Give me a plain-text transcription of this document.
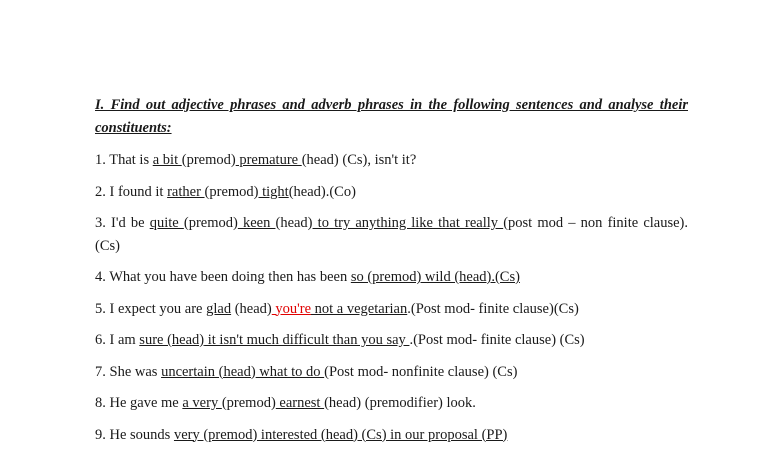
I. Find out adjective phrases and adverb phrases in the following sentences and analyse their constituents:

1. That is a bit (premod) premature (head) (Cs), isn't it?

2. I found it rather (premod) tight(head).(Co)

3. I'd be quite (premod) keen (head) to try anything like that really (post mod – non finite clause). (Cs)

4. What you have been doing then has been so (premod) wild (head).(Cs)

5. I expect you are glad (head) you're not a vegetarian.(Post mod- finite clause)(Cs)

6. I am sure (head) it isn't much difficult than you say .(Post mod- finite clause) (Cs)

7. She was uncertain (head) what to do (Post mod- nonfinite clause) (Cs)

8. He gave me a very (premod) earnest (head) (premodifier) look.

9. He sounds very (premod) interested (head) (Cs) in our proposal (PP)
